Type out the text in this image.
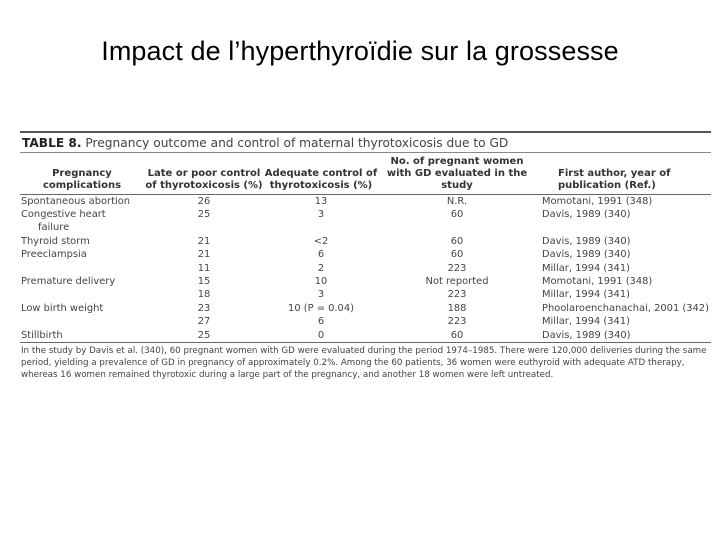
Impact de l’hyperthyroïdie sur la grossesse
TABLE 8. Pregnancy outcome and control of maternal thyrotoxicosis due to GD
Pregnancy complications	Late or poor control of thyrotoxicosis (%)	Adequate control of thyrotoxicosis (%)	No. of pregnant women with GD evaluated in the study	First author, year of publication (Ref.)
Spontaneous abortion	26	13	N.R.	Momotani, 1991 (348)
Congestive heart	25	3	60	Davis, 1989 (340)
failure				
Thyroid storm	21	<2	60	Davis, 1989 (340)
Preeclampsia	21	6	60	Davis, 1989 (340)
	11	2	223	Millar, 1994 (341)
Premature delivery	15	10	Not reported	Momotani, 1991 (348)
	18	3	223	Millar, 1994 (341)
Low birth weight	23	10 (P = 0.04)	188	Phoolaroenchanachai, 2001 (342)
	27	6	223	Millar, 1994 (341)
Stillbirth	25	0	60	Davis, 1989 (340)
In the study by Davis et al. (340), 60 pregnant women with GD were evaluated during the period 1974–1985. There were 120,000 deliveries during the same period, yielding a prevalence of GD in pregnancy of approximately 0.2%. Among the 60 patients, 36 women were euthyroid with adequate ATD therapy, whereas 16 women remained thyrotoxic during a large part of the pregnancy, and another 18 women were left untreated.
